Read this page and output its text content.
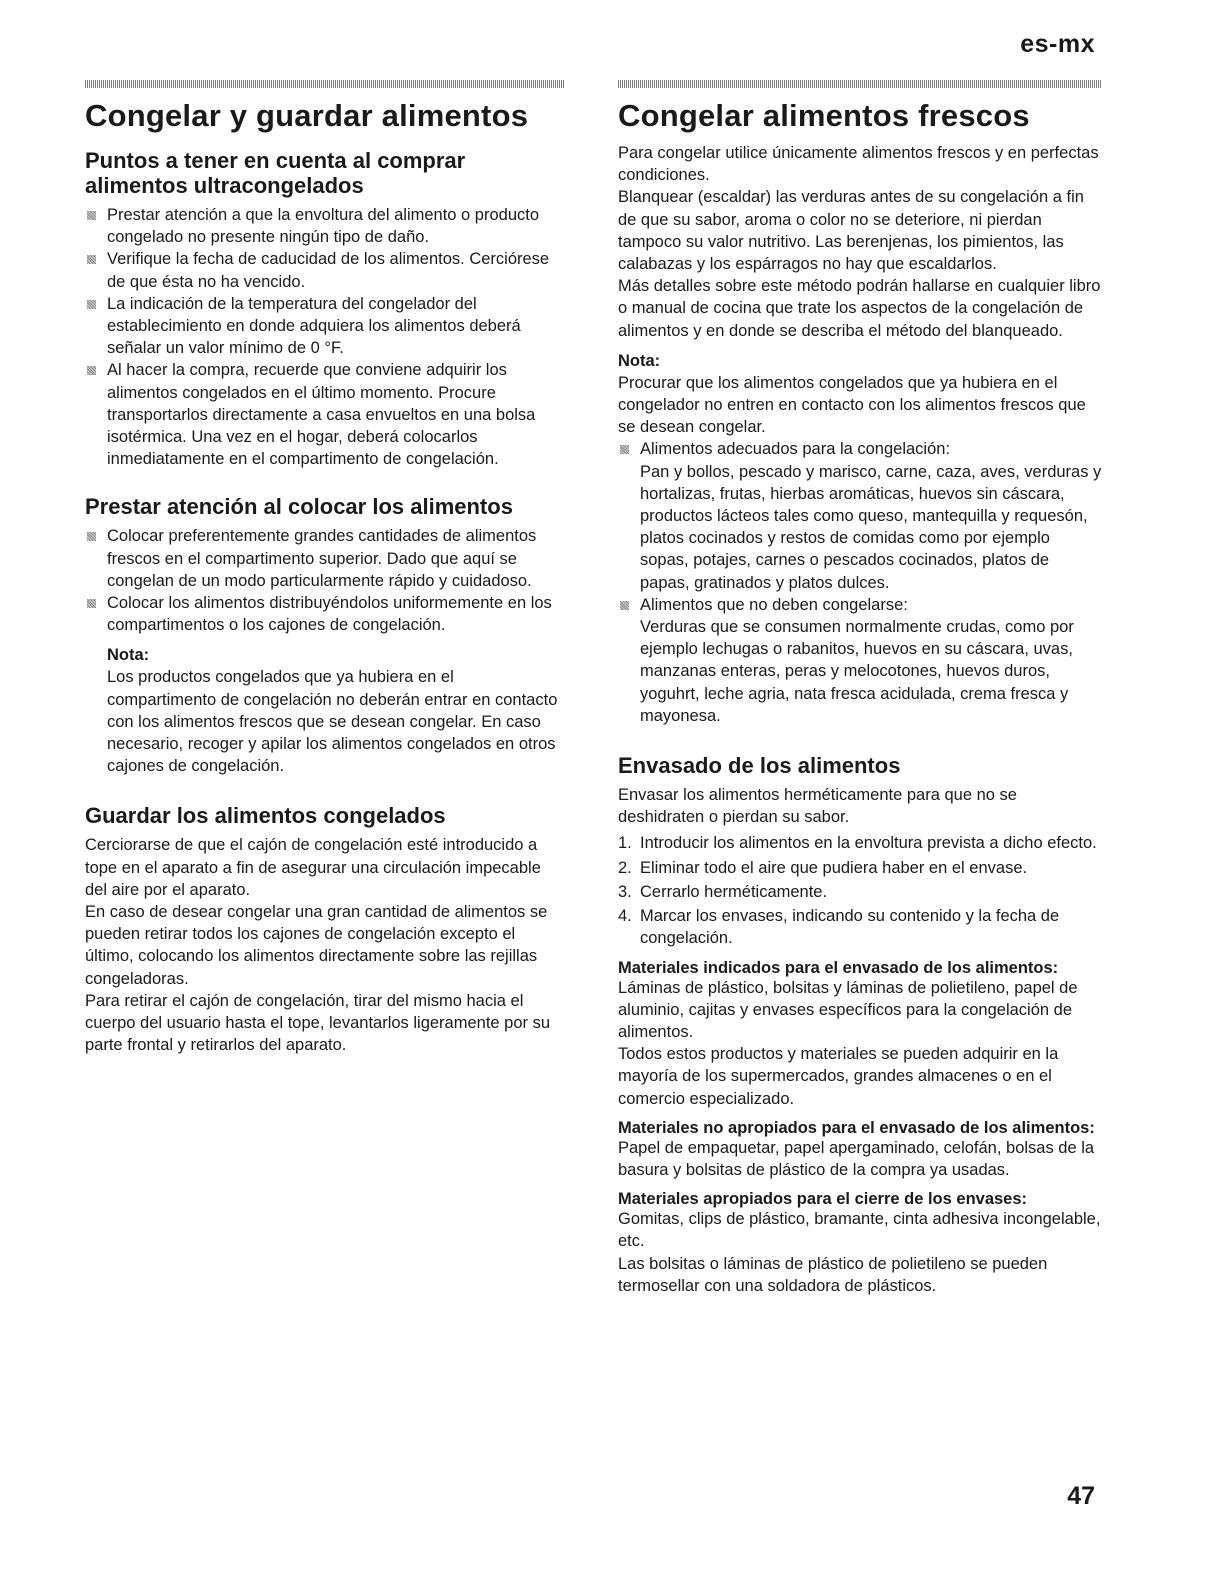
es-mx
Congelar y guardar alimentos
Puntos a tener en cuenta al comprar alimentos ultracongelados
Prestar atención a que la envoltura del alimento o producto congelado no presente ningún tipo de daño.
Verifique la fecha de caducidad de los alimentos. Cerciórese de que ésta no ha vencido.
La indicación de la temperatura del congelador del establecimiento en donde adquiera los alimentos deberá señalar un valor mínimo de 0 °F.
Al hacer la compra, recuerde que conviene adquirir los alimentos congelados en el último momento. Procure transportarlos directamente a casa envueltos en una bolsa isotérmica. Una vez en el hogar, deberá colocarlos inmediatamente en el compartimento de congelación.
Prestar atención al colocar los alimentos
Colocar preferentemente grandes cantidades de alimentos frescos en el compartimento superior. Dado que aquí se congelan de un modo particularmente rápido y cuidadoso.
Colocar los alimentos distribuyéndolos uniformemente en los compartimentos o los cajones de congelación.
Nota:

Los productos congelados que ya hubiera en el compartimento de congelación no deberán entrar en contacto con los alimentos frescos que se desean congelar. En caso necesario, recoger y apilar los alimentos congelados en otros cajones de congelación.

Guardar los alimentos congelados

Cerciorarse de que el cajón de congelación esté introducido a tope en el aparato a fin de asegurar una circulación impecable del aire por el aparato.

En caso de desear congelar una gran cantidad de alimentos se pueden retirar todos los cajones de congelación excepto el último, colocando los alimentos directamente sobre las rejillas congeladoras.

Para retirar el cajón de congelación, tirar del mismo hacia el cuerpo del usuario hasta el tope, levantarlos ligeramente por su parte frontal y retirarlos del aparato.

Congelar alimentos frescos

Para congelar utilice únicamente alimentos frescos y en perfectas condiciones.

Blanquear (escaldar) las verduras antes de su congelación a fin de que su sabor, aroma o color no se deteriore, ni pierdan tampoco su valor nutritivo. Las berenjenas, los pimientos, las calabazas y los espárragos no hay que escaldarlos.

Más detalles sobre este método podrán hallarse en cualquier libro o manual de cocina que trate los aspectos de la congelación de alimentos y en donde se describa el método del blanqueado.

Nota:

Procurar que los alimentos congelados que ya hubiera en el congelador no entren en contacto con los alimentos frescos que se desean congelar.

Alimentos adecuados para la congelación:
Pan y bollos, pescado y marisco, carne, caza, aves, verduras y hortalizas, frutas, hierbas aromáticas, huevos sin cáscara, productos lácteos tales como queso, mantequilla y requesón, platos cocinados y restos de comidas como por ejemplo sopas, potajes, carnes o pescados cocinados, platos de papas, gratinados y platos dulces.
Alimentos que no deben congelarse:
Verduras que se consumen normalmente crudas, como por ejemplo lechugas o rabanitos, huevos en su cáscara, uvas, manzanas enteras, peras y melocotones, huevos duros, yoguhrt, leche agria, nata fresca acidulada, crema fresca y mayonesa.
Envasado de los alimentos

Envasar los alimentos herméticamente para que no se deshidraten o pierdan su sabor.

1. Introducir los alimentos en la envoltura prevista a dicho efecto.
2. Eliminar todo el aire que pudiera haber en el envase.
3. Cerrarlo herméticamente.
4. Marcar los envases, indicando su contenido y la fecha de congelación.
Materiales indicados para el envasado de los alimentos:

Láminas de plástico, bolsitas y láminas de polietileno, papel de aluminio, cajitas y envases específicos para la congelación de alimentos.

Todos estos productos y materiales se pueden adquirir en la mayoría de los supermercados, grandes almacenes o en el comercio especializado.

Materiales no apropiados para el envasado de los alimentos:

Papel de empaquetar, papel apergaminado, celofán, bolsas de la basura y bolsitas de plástico de la compra ya usadas.

Materiales apropiados para el cierre de los envases:

Gomitas, clips de plástico, bramante, cinta adhesiva incongelable, etc.

Las bolsitas o láminas de plástico de polietileno se pueden termosellar con una soldadora de plásticos.

47
